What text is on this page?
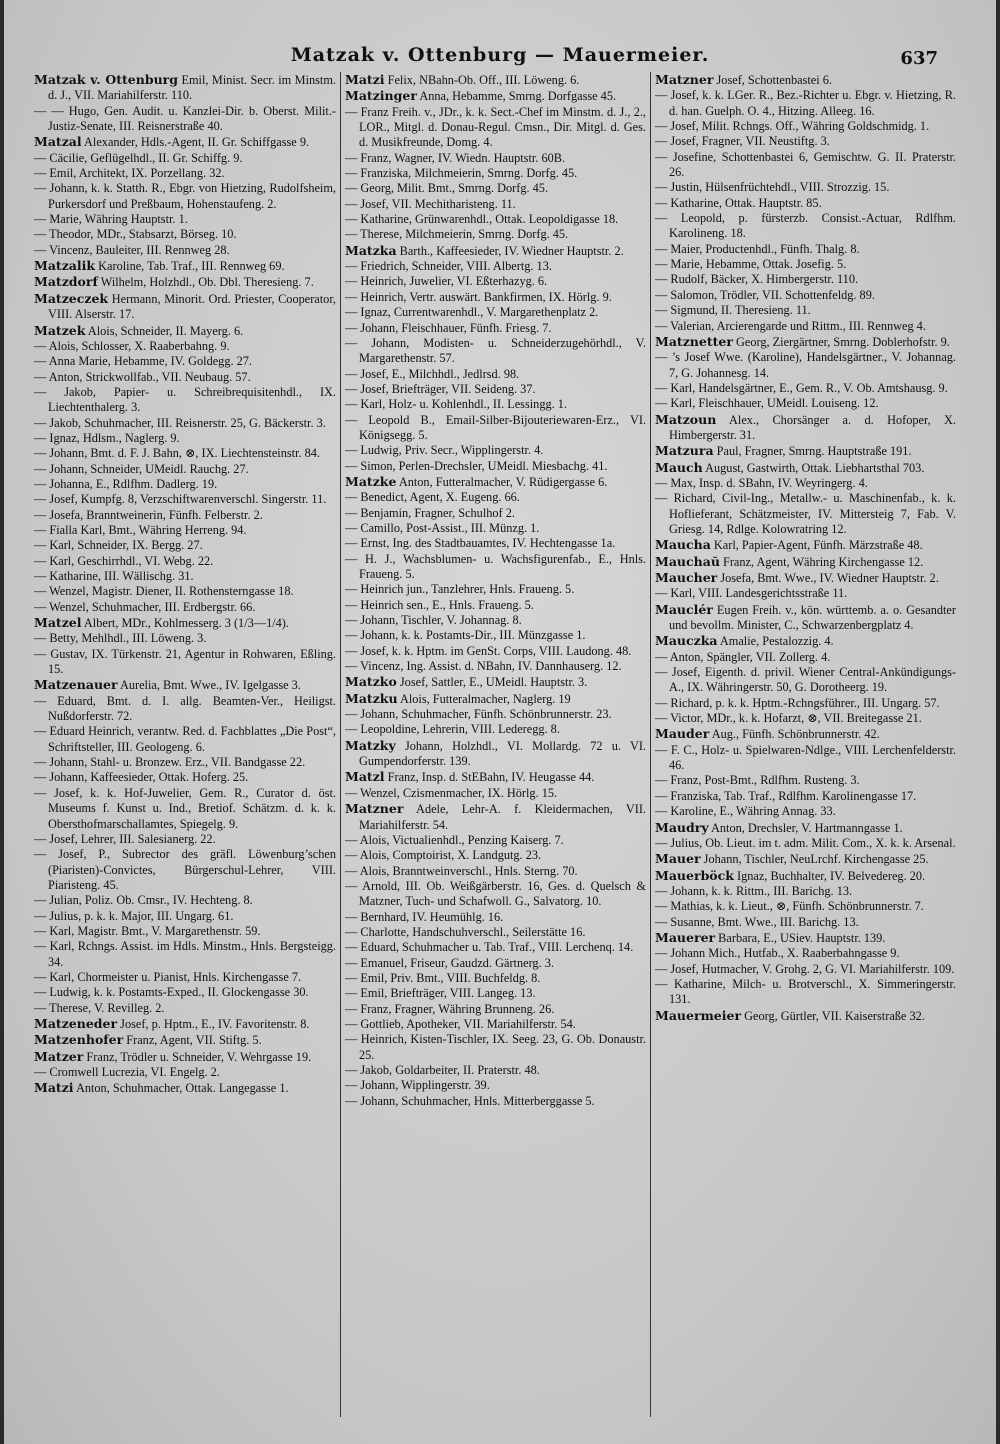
Matzak v. Ottenburg — Mauermeier.	637

Matzak v. Ottenburg Emil, Minist. Secr. im Minstm. d. J., VII. Mariahilferstr. 110.

— — Hugo, Gen. Audit. u. Kanzlei-Dir. b. Oberst. Milit.-Justiz-Senate, III. Reisnerstraße 40.

Matzal Alexander, Hdls.-Agent, II. Gr. Schiffgasse 9.

— Cäcilie, Geflügelhdl., II. Gr. Schiffg. 9.

— Emil, Architekt, IX. Porzellang. 32.

— Johann, k. k. Statth. R., Ebgr. von Hietzing, Rudolfsheim, Purkersdorf und Preßbaum, Hohenstaufeng. 2.

— Marie, Währing Hauptstr. 1.

— Theodor, MDr., Stabsarzt, Börseg. 10.

— Vincenz, Bauleiter, III. Rennweg 28.

Matzalik Karoline, Tab. Traf., III. Rennweg 69.

Matzdorf Wilhelm, Holzhdl., Ob. Dbl. Theresieng. 7.

Matzeczek Hermann, Minorit. Ord. Priester, Cooperator, VIII. Alserstr. 17.

Matzek Alois, Schneider, II. Mayerg. 6.

— Alois, Schlosser, X. Raaberbahng. 9.

— Anna Marie, Hebamme, IV. Goldegg. 27.

— Anton, Strickwollfab., VII. Neubaug. 57.

— Jakob, Papier- u. Schreibrequisitenhdl., IX. Liechtenthalerg. 3.

— Jakob, Schuhmacher, III. Reisnerstr. 25, G. Bäckerstr. 3.

— Ignaz, Hdlsm., Naglerg. 9.

— Johann, Bmt. d. F. J. Bahn, ⊗, IX. Liechtensteinstr. 84.

— Johann, Schneider, UMeidl. Rauchg. 27.

— Johanna, E., Rdlfhm. Dadlerg. 19.

— Josef, Kumpfg. 8, Verzschiftwarenverschl. Singerstr. 11.

— Josefa, Branntweinerin, Fünfh. Felberstr. 2.

— Fialla Karl, Bmt., Währing Herreng. 94.

— Karl, Schneider, IX. Bergg. 27.

— Karl, Geschirrhdl., VI. Webg. 22.

— Katharine, III. Wällischg. 31.

— Wenzel, Magistr. Diener, II. Rothensterngasse 18.

— Wenzel, Schuhmacher, III. Erdbergstr. 66.

Matzel Albert, MDr., Kohlmesserg. 3 (1/3—1/4).

— Betty, Mehlhdl., III. Löweng. 3.

— Gustav, IX. Türkenstr. 21, Agentur in Rohwaren, Eßling. 15.

Matzenauer Aurelia, Bmt. Wwe., IV. Igelgasse 3.

— Eduard, Bmt. d. I. allg. Beamten-Ver., Heiligst. Nußdorferstr. 72.

— Eduard Heinrich, verantw. Red. d. Fachblattes „Die Post“, Schriftsteller, III. Geologeng. 6.

— Johann, Stahl- u. Bronzew. Erz., VII. Bandgasse 22.

— Johann, Kaffeesieder, Ottak. Hoferg. 25.

— Josef, k. k. Hof-Juwelier, Gem. R., Curator d. öst. Museums f. Kunst u. Ind., Bretiof. Schätzm. d. k. k. Obersthofmarschallamtes, Spiegelg. 9.

— Josef, Lehrer, III. Salesianerg. 22.

— Josef, P., Subrector des gräfl. Löwenburg’schen (Piaristen)-Convictes, Bürgerschul-Lehrer, VIII. Piaristeng. 45.

— Julian, Poliz. Ob. Cmsr., IV. Hechteng. 8.

— Julius, p. k. k. Major, III. Ungarg. 61.

— Karl, Magistr. Bmt., V. Margarethenstr. 59.

— Karl, Rchngs. Assist. im Hdls. Minstm., Hnls. Bergsteigg. 34.

— Karl, Chormeister u. Pianist, Hnls. Kirchengasse 7.

— Ludwig, k. k. Postamts-Exped., II. Glockengasse 30.

— Therese, V. Revilleg. 2.

Matzeneder Josef, p. Hptm., E., IV. Favoritenstr. 8.

Matzenhofer Franz, Agent, VII. Stiftg. 5.

Matzer Franz, Trödler u. Schneider, V. Wehrgasse 19.

— Cromwell Lucrezia, VI. Engelg. 2.

Matzi Anton, Schuhmacher, Ottak. Langegasse 1.

Matzi Felix, NBahn-Ob. Off., III. Löweng. 6.

Matzinger Anna, Hebamme, Smrng. Dorfgasse 45.

— Franz Freih. v., JDr., k. k. Sect.-Chef im Minstm. d. J., 2., LOR., Mitgl. d. Donau-Regul. Cmsn., Dir. Mitgl. d. Ges. d. Musikfreunde, Domg. 4.

— Franz, Wagner, IV. Wiedn. Hauptstr. 60B.

— Franziska, Milchmeierin, Smrng. Dorfg. 45.

— Georg, Milit. Bmt., Smrng. Dorfg. 45.

— Josef, VII. Mechitharisteng. 11.

— Katharine, Grünwarenhdl., Ottak. Leopoldigasse 18.

— Therese, Milchmeierin, Smrng. Dorfg. 45.

Matzka Barth., Kaffeesieder, IV. Wiedner Hauptstr. 2.

— Friedrich, Schneider, VIII. Albertg. 13.

— Heinrich, Juwelier, VI. Eßterhazyg. 6.

— Heinrich, Vertr. auswärt. Bankfirmen, IX. Hörlg. 9.

— Ignaz, Currentwarenhdl., V. Margarethenplatz 2.

— Johann, Fleischhauer, Fünfh. Friesg. 7.

— Johann, Modisten- u. Schneiderzugehörhdl., V. Margarethenstr. 57.

— Josef, E., Milchhdl., Jedlrsd. 98.

— Josef, Briefträger, VII. Seideng. 37.

— Karl, Holz- u. Kohlenhdl., II. Lessingg. 1.

— Leopold B., Email-Silber-Bijouteriewaren-Erz., VI. Königsegg. 5.

— Ludwig, Priv. Secr., Wipplingerstr. 4.

— Simon, Perlen-Drechsler, UMeidl. Miesbachg. 41.

Matzke Anton, Futteralmacher, V. Rüdigergasse 6.

— Benedict, Agent, X. Eugeng. 66.

— Benjamin, Fragner, Schulhof 2.

— Camillo, Post-Assist., III. Münzg. 1.

— Ernst, Ing. des Stadtbauamtes, IV. Hechtengasse 1a.

— H. J., Wachsblumen- u. Wachsfigurenfab., E., Hnls. Fraueng. 5.

— Heinrich jun., Tanzlehrer, Hnls. Fraueng. 5.

— Heinrich sen., E., Hnls. Fraueng. 5.

— Johann, Tischler, V. Johannag. 8.

— Johann, k. k. Postamts-Dir., III. Münzgasse 1.

— Josef, k. k. Hptm. im GenSt. Corps, VIII. Laudong. 48.

— Vincenz, Ing. Assist. d. NBahn, IV. Dannhauserg. 12.

Matzko Josef, Sattler, E., UMeidl. Hauptstr. 3.

Matzku Alois, Futteralmacher, Naglerg. 19

— Johann, Schuhmacher, Fünfh. Schönbrunnerstr. 23.

— Leopoldine, Lehrerin, VIII. Lederegg. 8.

Matzky Johann, Holzhdl., VI. Mollardg. 72 u. VI. Gumpendorferstr. 139.

Matzl Franz, Insp. d. StEBahn, IV. Heugasse 44.

— Wenzel, Czismenmacher, IX. Hörlg. 15.

Matzner Adele, Lehr-A. f. Kleidermachen, VII. Mariahilferstr. 54.

— Alois, Victualienhdl., Penzing Kaiserg. 7.

— Alois, Comptoirist, X. Landgutg. 23.

— Alois, Branntweinverschl., Hnls. Sterng. 70.

— Arnold, III. Ob. Weißgärberstr. 16, Ges. d. Quelsch & Matzner, Tuch- und Schafwoll. G., Salvatorg. 10.

— Bernhard, IV. Heumühlg. 16.

— Charlotte, Handschuhverschl., Seilerstätte 16.

— Eduard, Schuhmacher u. Tab. Traf., VIII. Lerchenq. 14.

— Emanuel, Friseur, Gaudzd. Gärtnerg. 3.

— Emil, Priv. Bmt., VIII. Buchfeldg. 8.

— Emil, Briefträger, VIII. Langeg. 13.

— Franz, Fragner, Währing Brunneng. 26.

— Gottlieb, Apotheker, VII. Mariahilferstr. 54.

— Heinrich, Kisten-Tischler, IX. Seeg. 23, G. Ob. Donaustr. 25.

— Jakob, Goldarbeiter, II. Praterstr. 48.

— Johann, Wipplingerstr. 39.

— Johann, Schuhmacher, Hnls. Mitterberggasse 5.

Matzner Josef, Schottenbastei 6.

— Josef, k. k. LGer. R., Bez.-Richter u. Ebgr. v. Hietzing, R. d. han. Guelph. O. 4., Hitzing. Alleeg. 16.

— Josef, Milit. Rchngs. Off., Währing Goldschmidg. 1.

— Josef, Fragner, VII. Neustiftg. 3.

— Josefine, Schottenbastei 6, Gemischtw. G. II. Praterstr. 26.

— Justin, Hülsenfrüchtehdl., VIII. Strozzig. 15.

— Katharine, Ottak. Hauptstr. 85.

— Leopold, p. fürsterzb. Consist.-Actuar, Rdlfhm. Karolineng. 18.

— Maier, Productenhdl., Fünfh. Thalg. 8.

— Marie, Hebamme, Ottak. Josefig. 5.

— Rudolf, Bäcker, X. Himbergerstr. 110.

— Salomon, Trödler, VII. Schottenfeldg. 89.

— Sigmund, II. Theresieng. 11.

— Valerian, Arcierengarde und Rittm., III. Rennweg 4.

Matznetter Georg, Ziergärtner, Smrng. Doblerhofstr. 9.

— ’s Josef Wwe. (Karoline), Handelsgärtner., V. Johannag. 7, G. Johannesg. 14.

— Karl, Handelsgärtner, E., Gem. R., V. Ob. Amtshausg. 9.

— Karl, Fleischhauer, UMeidl. Louiseng. 12.

Matzoun Alex., Chorsänger a. d. Hofoper, X. Himbergerstr. 31.

Matzura Paul, Fragner, Smrng. Hauptstraße 191.

Mauch August, Gastwirth, Ottak. Liebhartsthal 703.

— Max, Insp. d. SBahn, IV. Weyringerg. 4.

— Richard, Civil-Ing., Metallw.- u. Maschinenfab., k. k. Hoflieferant, Schätzmeister, IV. Mittersteig 7, Fab. V. Griesg. 14, Rdlge. Kolowratring 12.

Maucha Karl, Papier-Agent, Fünfh. Märzstraße 48.

Mauchaŭ Franz, Agent, Währing Kirchengasse 12.

Maucher Josefa, Bmt. Wwe., IV. Wiedner Hauptstr. 2.

— Karl, VIII. Landesgerichtsstraße 11.

Mauclér Eugen Freih. v., kön. württemb. a. o. Gesandter und bevollm. Minister, C., Schwarzenbergplatz 4.

Mauczka Amalie, Pestalozzig. 4.

— Anton, Spängler, VII. Zollerg. 4.

— Josef, Eigenth. d. privil. Wiener Central-Ankündigungs-A., IX. Währingerstr. 50, G. Dorotheerg. 19.

— Richard, p. k. k. Hptm.-Rchngsführer., III. Ungarg. 57.

— Victor, MDr., k. k. Hofarzt, ⊗, VII. Breitegasse 21.

Mauder Aug., Fünfh. Schönbrunnerstr. 42.

— F. C., Holz- u. Spielwaren-Ndlge., VIII. Lerchenfelderstr. 46.

— Franz, Post-Bmt., Rdlfhm. Rusteng. 3.

— Franziska, Tab. Traf., Rdlfhm. Karolinengasse 17.

— Karoline, E., Währing Annag. 33.

Maudry Anton, Drechsler, V. Hartmanngasse 1.

— Julius, Ob. Lieut. im t. adm. Milit. Com., X. k. k. Arsenal.

Mauer Johann, Tischler, NeuLrchf. Kirchengasse 25.

Mauerböck Ignaz, Buchhalter, IV. Belvedereg. 20.

— Johann, k. k. Rittm., III. Barichg. 13.

— Mathias, k. k. Lieut., ⊗, Fünfh. Schönbrunnerstr. 7.

— Susanne, Bmt. Wwe., III. Barichg. 13.

Mauerer Barbara, E., USiev. Hauptstr. 139.

— Johann Mich., Hutfab., X. Raaberbahngasse 9.

— Josef, Hutmacher, V. Grohg. 2, G. VI. Mariahilferstr. 109.

— Katharine, Milch- u. Brotverschl., X. Simmeringerstr. 131.

Mauermeier Georg, Gürtler, VII. Kaiserstraße 32.
